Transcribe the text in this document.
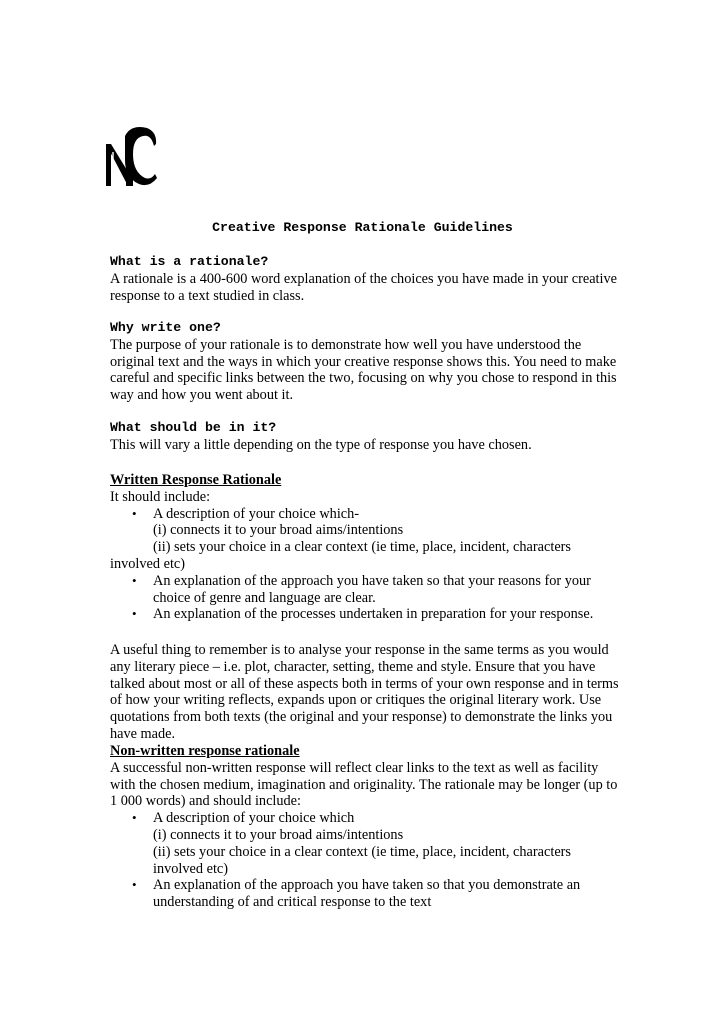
Creative Response Rationale Guidelines

What is a rationale?

A rationale is a 400-600 word explanation of the choices you have made in your creative response to a text studied in class.

Why write one?

The purpose of your rationale is to demonstrate how well you have understood the original text and the ways in which your creative response shows this. You need to make careful and specific links between the two, focusing on why you chose to respond in this way and how you went about it.

What should be in it?

This will vary a little depending on the type of response you have chosen.

Written Response Rationale

It should include:

• A description of your choice which-

(i) connects it to your broad aims/intentions

(ii) sets your choice in a clear context (ie time, place, incident, characters

involved etc)

• An explanation of the approach you have taken so that your reasons for your choice of genre and language are clear.
• An explanation of the processes undertaken in preparation for your response.
A useful thing to remember is to analyse your response in the same terms as you would any literary piece – i.e. plot, character, setting, theme and style. Ensure that you have talked about most or all of these aspects both in terms of your own response and in terms of how your writing reflects, expands upon or critiques the original literary work. Use quotations from both texts (the original and your response) to demonstrate the links you have made.

Non-written response rationale

A successful non-written response will reflect clear links to the text as well as facility with the chosen medium, imagination and originality. The rationale may be longer (up to 1 000 words) and should include:

• A description of your choice which

(i) connects it to your broad aims/intentions

(ii) sets your choice in a clear context (ie time, place, incident, characters involved etc)

• An explanation of the approach you have taken so that you demonstrate an understanding of and critical response to the text
